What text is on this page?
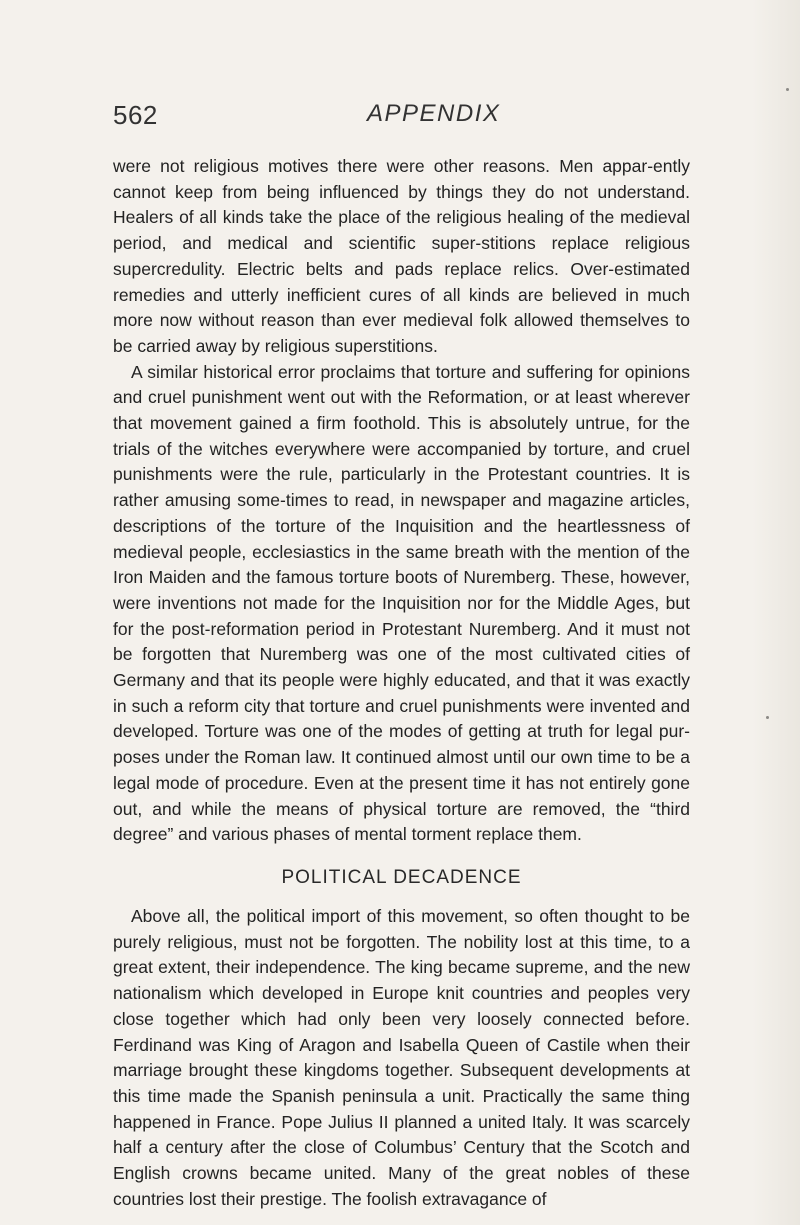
562	APPENDIX

were not religious motives there were other reasons. Men appar-ently cannot keep from being influenced by things they do not understand. Healers of all kinds take the place of the religious healing of the medieval period, and medical and scientific super-stitions replace religious supercredulity. Electric belts and pads replace relics. Over-estimated remedies and utterly inefficient cures of all kinds are believed in much more now without reason than ever medieval folk allowed themselves to be carried away by religious superstitions.

A similar historical error proclaims that torture and suffering for opinions and cruel punishment went out with the Reformation, or at least wherever that movement gained a firm foothold. This is absolutely untrue, for the trials of the witches everywhere were accompanied by torture, and cruel punishments were the rule, particularly in the Protestant countries. It is rather amusing some-times to read, in newspaper and magazine articles, descriptions of the torture of the Inquisition and the heartlessness of medieval people, ecclesiastics in the same breath with the mention of the Iron Maiden and the famous torture boots of Nuremberg. These, however, were inventions not made for the Inquisition nor for the Middle Ages, but for the post-reformation period in Protestant Nuremberg. And it must not be forgotten that Nuremberg was one of the most cultivated cities of Germany and that its people were highly educated, and that it was exactly in such a reform city that torture and cruel punishments were invented and developed. Torture was one of the modes of getting at truth for legal pur-poses under the Roman law. It continued almost until our own time to be a legal mode of procedure. Even at the present time it has not entirely gone out, and while the means of physical torture are removed, the “third degree” and various phases of mental torment replace them.

POLITICAL DECADENCE

Above all, the political import of this movement, so often thought to be purely religious, must not be forgotten. The nobility lost at this time, to a great extent, their independence. The king became supreme, and the new nationalism which developed in Europe knit countries and peoples very close together which had only been very loosely connected before. Ferdinand was King of Aragon and Isabella Queen of Castile when their marriage brought these kingdoms together. Subsequent developments at this time made the Spanish peninsula a unit. Practically the same thing happened in France. Pope Julius II planned a united Italy. It was scarcely half a century after the close of Columbus’ Century that the Scotch and English crowns became united. Many of the great nobles of these countries lost their prestige. The foolish extravagance of
